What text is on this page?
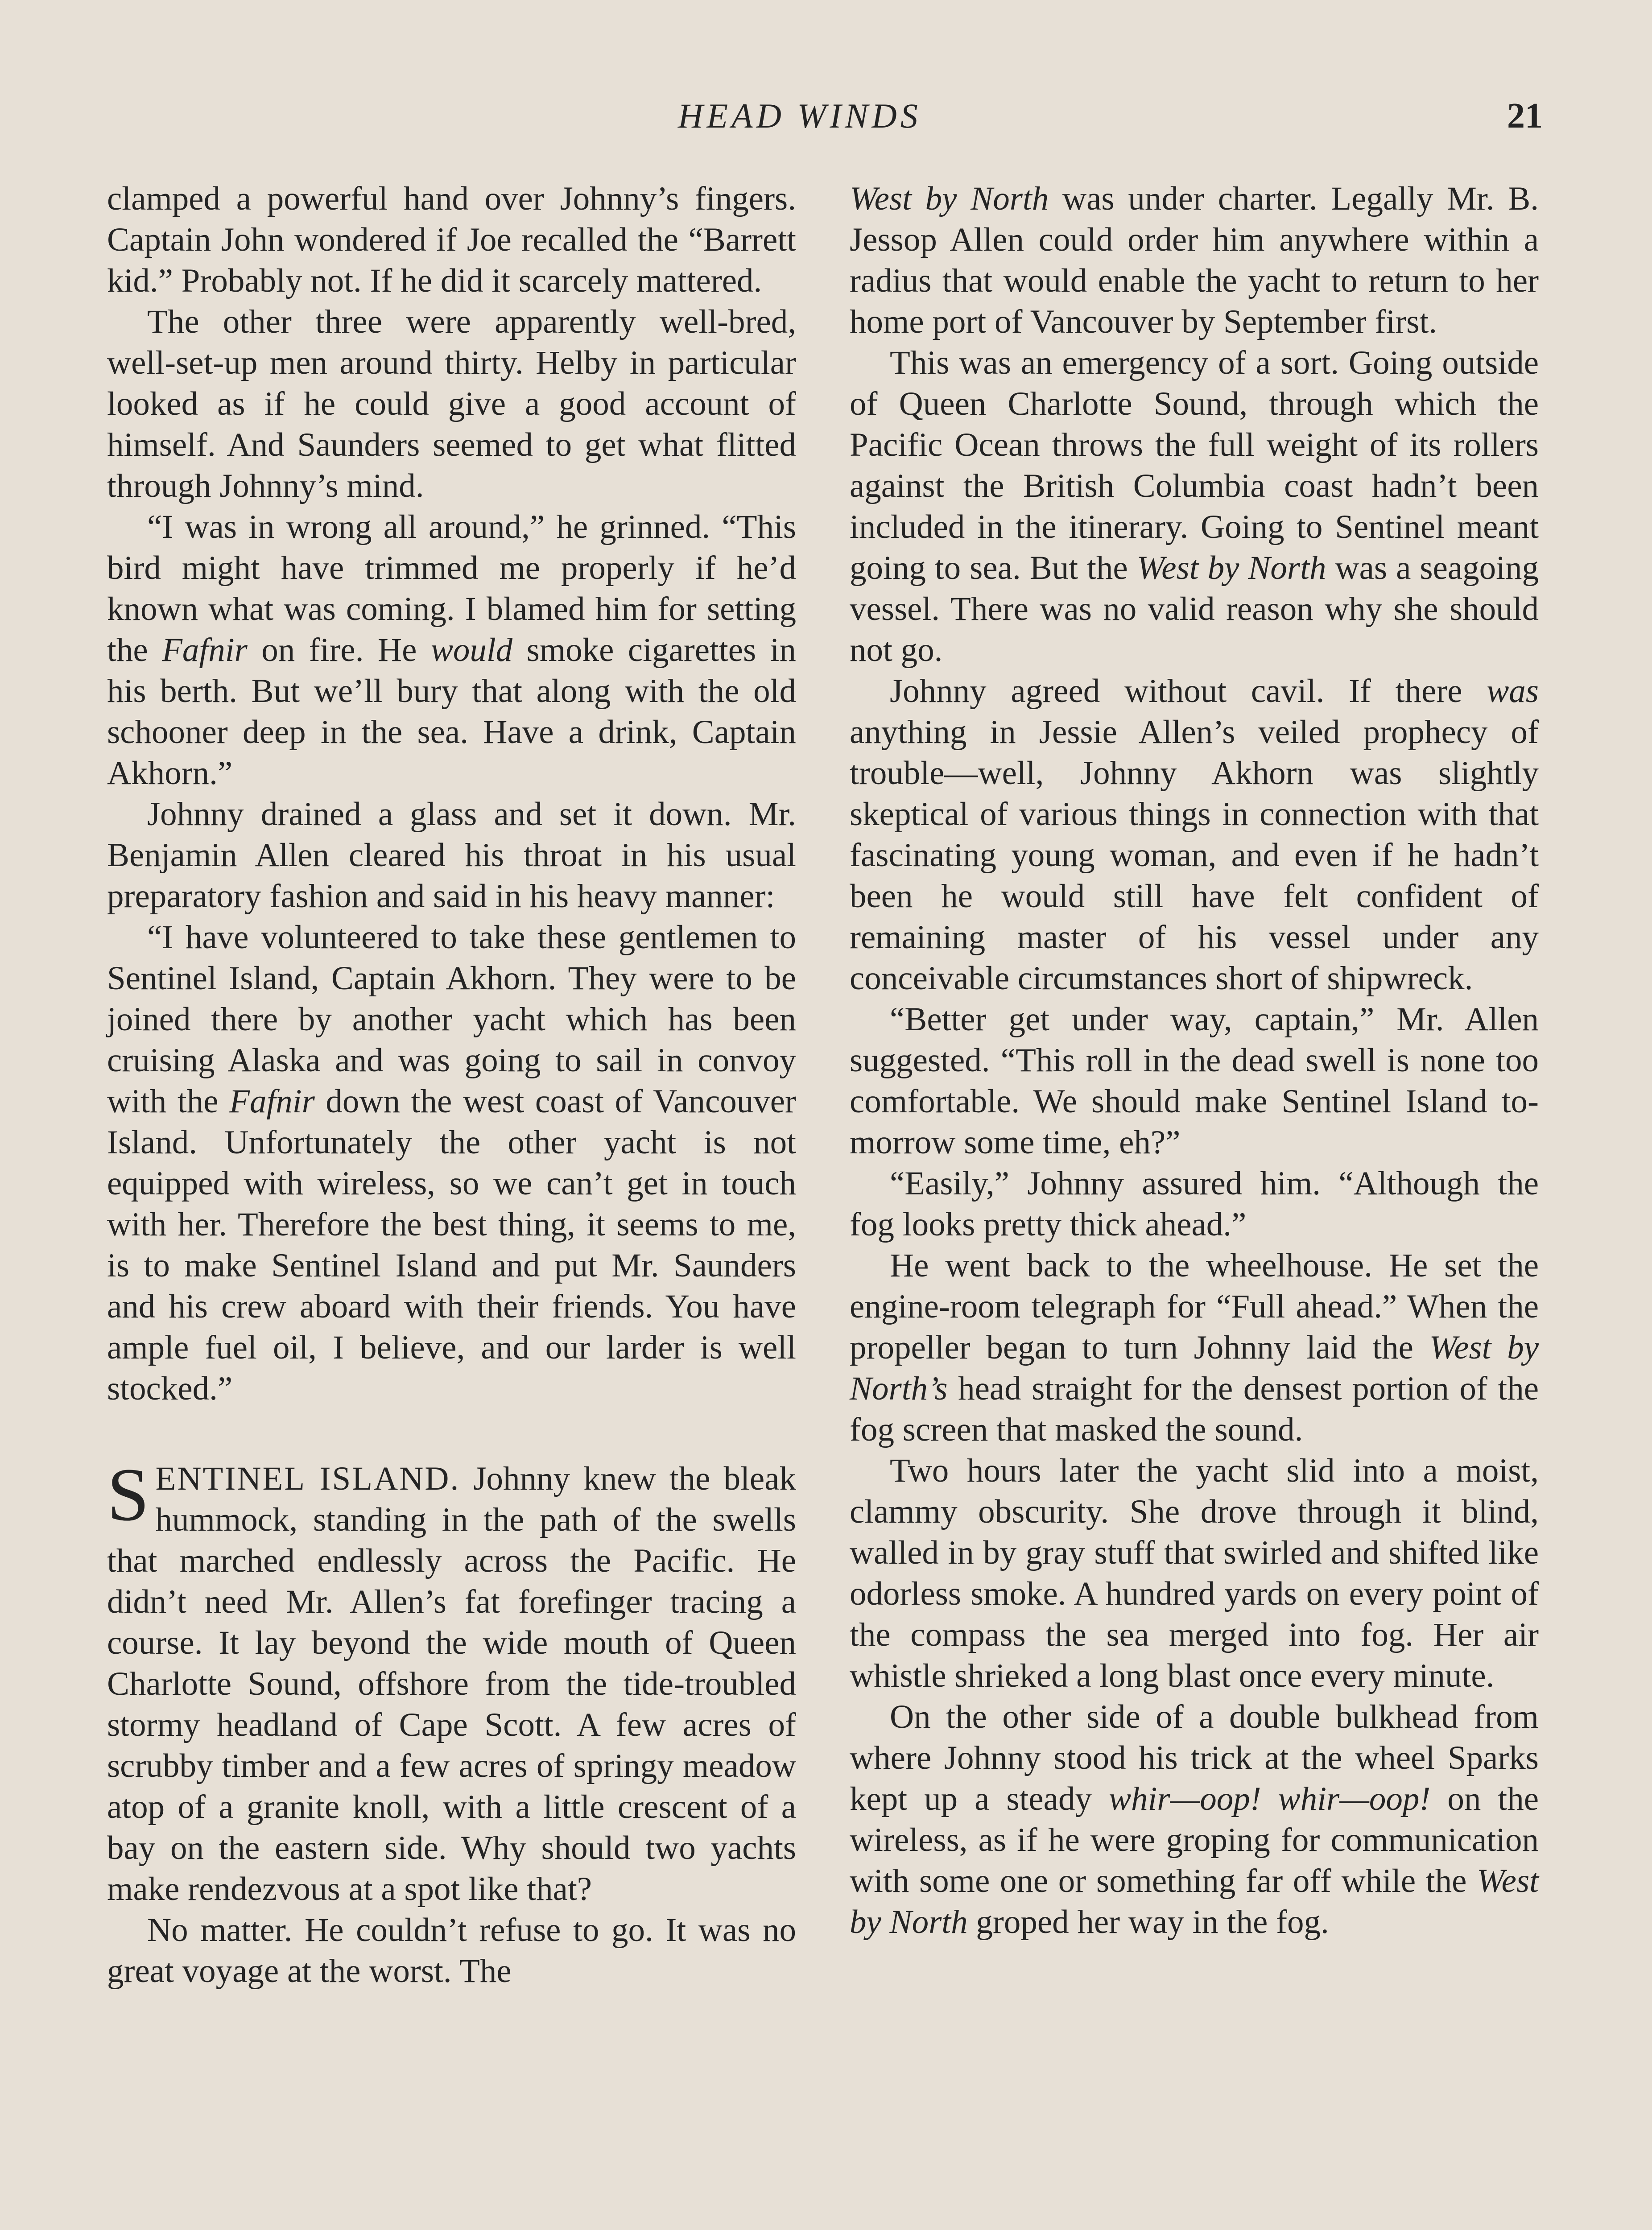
HEAD WINDS	21

clamped a powerful hand over Johnny’s fingers. Captain John wondered if Joe recalled the “Barrett kid.” Probably not. If he did it scarcely mattered.

The other three were apparently well-bred, well-set-up men around thirty. Helby in particular looked as if he could give a good account of himself. And Saunders seemed to get what flitted through Johnny’s mind.

“I was in wrong all around,” he grinned. “This bird might have trimmed me properly if he’d known what was coming. I blamed him for setting the Fafnir on fire. He would smoke cigarettes in his berth. But we’ll bury that along with the old schooner deep in the sea. Have a drink, Captain Akhorn.”

Johnny drained a glass and set it down. Mr. Benjamin Allen cleared his throat in his usual preparatory fashion and said in his heavy manner:

“I have volunteered to take these gentlemen to Sentinel Island, Captain Akhorn. They were to be joined there by another yacht which has been cruising Alaska and was going to sail in convoy with the Fafnir down the west coast of Vancouver Island. Unfortunately the other yacht is not equipped with wireless, so we can’t get in touch with her. Therefore the best thing, it seems to me, is to make Sentinel Island and put Mr. Saunders and his crew aboard with their friends. You have ample fuel oil, I believe, and our larder is well stocked.”

SENTINEL ISLAND. Johnny knew the bleak hummock, standing in the path of the swells that marched endlessly across the Pacific. He didn’t need Mr. Allen’s fat forefinger tracing a course. It lay beyond the wide mouth of Queen Charlotte Sound, offshore from the tide-troubled stormy headland of Cape Scott. A few acres of scrubby timber and a few acres of springy meadow atop of a granite knoll, with a little crescent of a bay on the eastern side. Why should two yachts make rendezvous at a spot like that?

No matter. He couldn’t refuse to go. It was no great voyage at the worst. The

West by North was under charter. Legally Mr. B. Jessop Allen could order him anywhere within a radius that would enable the yacht to return to her home port of Vancouver by September first.

This was an emergency of a sort. Going outside of Queen Charlotte Sound, through which the Pacific Ocean throws the full weight of its rollers against the British Columbia coast hadn’t been included in the itinerary. Going to Sentinel meant going to sea. But the West by North was a seagoing vessel. There was no valid reason why she should not go.

Johnny agreed without cavil. If there was anything in Jessie Allen’s veiled prophecy of trouble—well, Johnny Akhorn was slightly skeptical of various things in connection with that fascinating young woman, and even if he hadn’t been he would still have felt confident of remaining master of his vessel under any conceivable circumstances short of shipwreck.

“Better get under way, captain,” Mr. Allen suggested. “This roll in the dead swell is none too comfortable. We should make Sentinel Island to-morrow some time, eh?”

“Easily,” Johnny assured him. “Although the fog looks pretty thick ahead.”

He went back to the wheelhouse. He set the engine-room telegraph for “Full ahead.” When the propeller began to turn Johnny laid the West by North’s head straight for the densest portion of the fog screen that masked the sound.

Two hours later the yacht slid into a moist, clammy obscurity. She drove through it blind, walled in by gray stuff that swirled and shifted like odorless smoke. A hundred yards on every point of the compass the sea merged into fog. Her air whistle shrieked a long blast once every minute.

On the other side of a double bulkhead from where Johnny stood his trick at the wheel Sparks kept up a steady whir—oop! whir—oop! on the wireless, as if he were groping for communication with some one or something far off while the West by North groped her way in the fog.
